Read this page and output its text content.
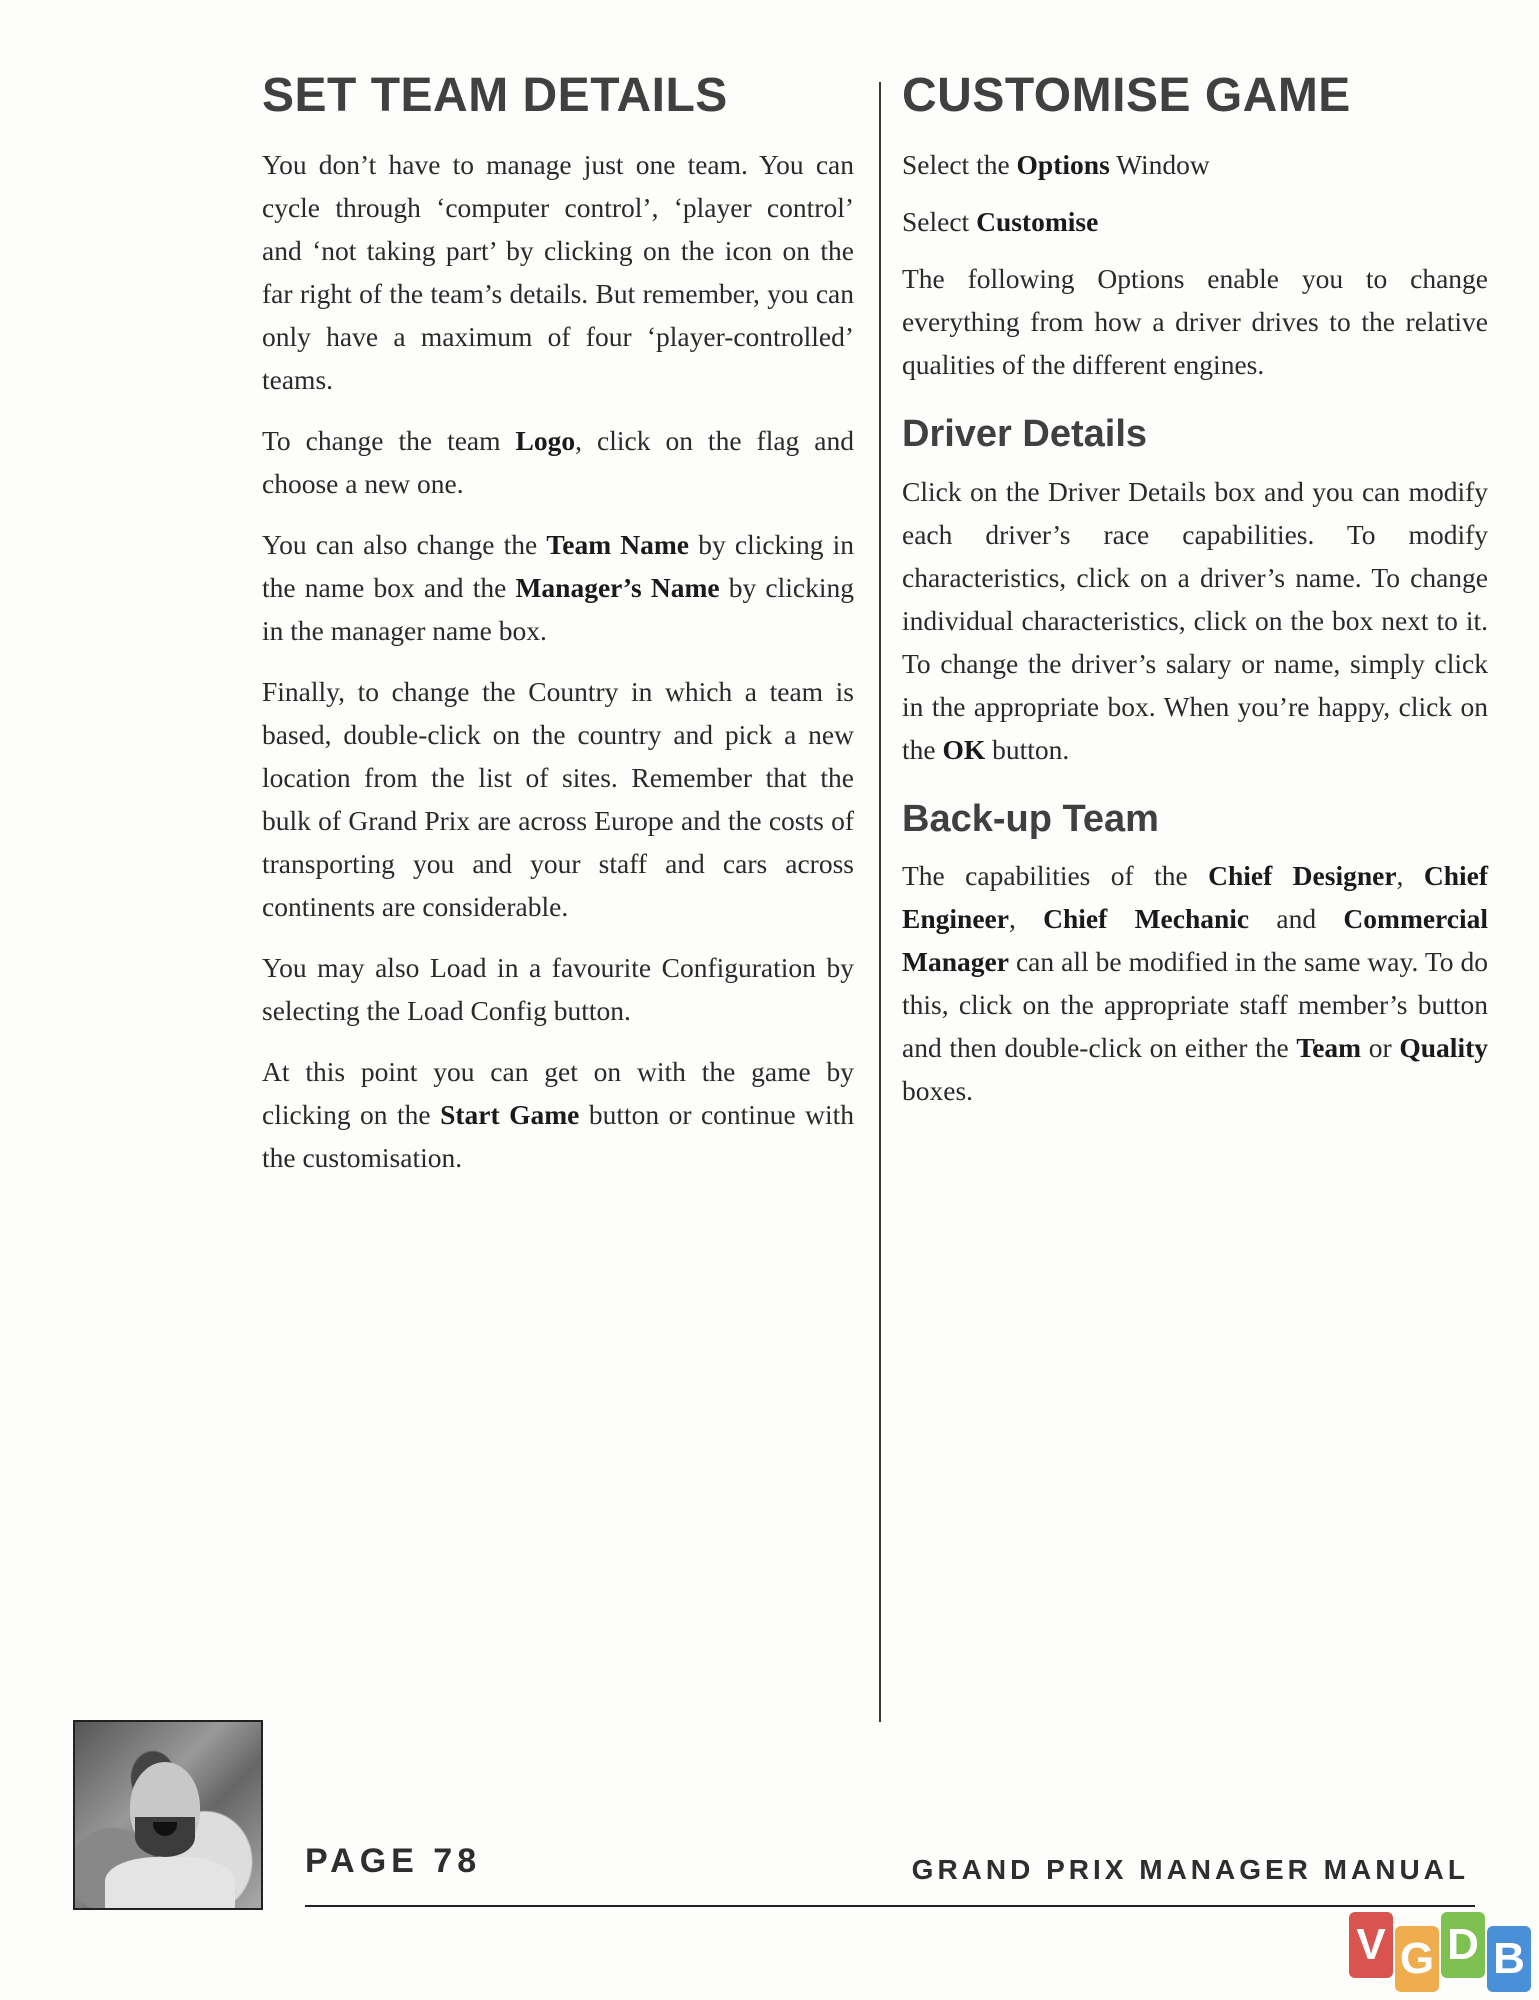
SET TEAM DETAILS

You don’t have to manage just one team. You can cycle through ‘computer control’, ‘player control’ and ‘not taking part’ by clicking on the icon on the far right of the team’s details. But remember, you can only have a maximum of four ‘player-controlled’ teams.

To change the team Logo, click on the flag and choose a new one.

You can also change the Team Name by clicking in the name box and the Manager’s Name by clicking in the manager name box.

Finally, to change the Country in which a team is based, double-click on the country and pick a new location from the list of sites. Remember that the bulk of Grand Prix are across Europe and the costs of transporting you and your staff and cars across continents are considerable.

You may also Load in a favourite Configuration by selecting the Load Config button.

At this point you can get on with the game by clicking on the Start Game button or continue with the customisation.

CUSTOMISE GAME

Select the Options Window

Select Customise

The following Options enable you to change everything from how a driver drives to the relative qualities of the different engines.

Driver Details

Click on the Driver Details box and you can modify each driver’s race capabilities. To modify characteristics, click on a driver’s name. To change individual characteristics, click on the box next to it. To change the driver’s salary or name, simply click in the appropriate box. When you’re happy, click on the OK button.

Back-up Team

The capabilities of the Chief Designer, Chief Engineer, Chief Mechanic and Commercial Manager can all be modified in the same way. To do this, click on the appropriate staff member’s button and then double-click on either the Team or Quality boxes.

PAGE 78	GRAND PRIX MANAGER MANUAL
V G D B
